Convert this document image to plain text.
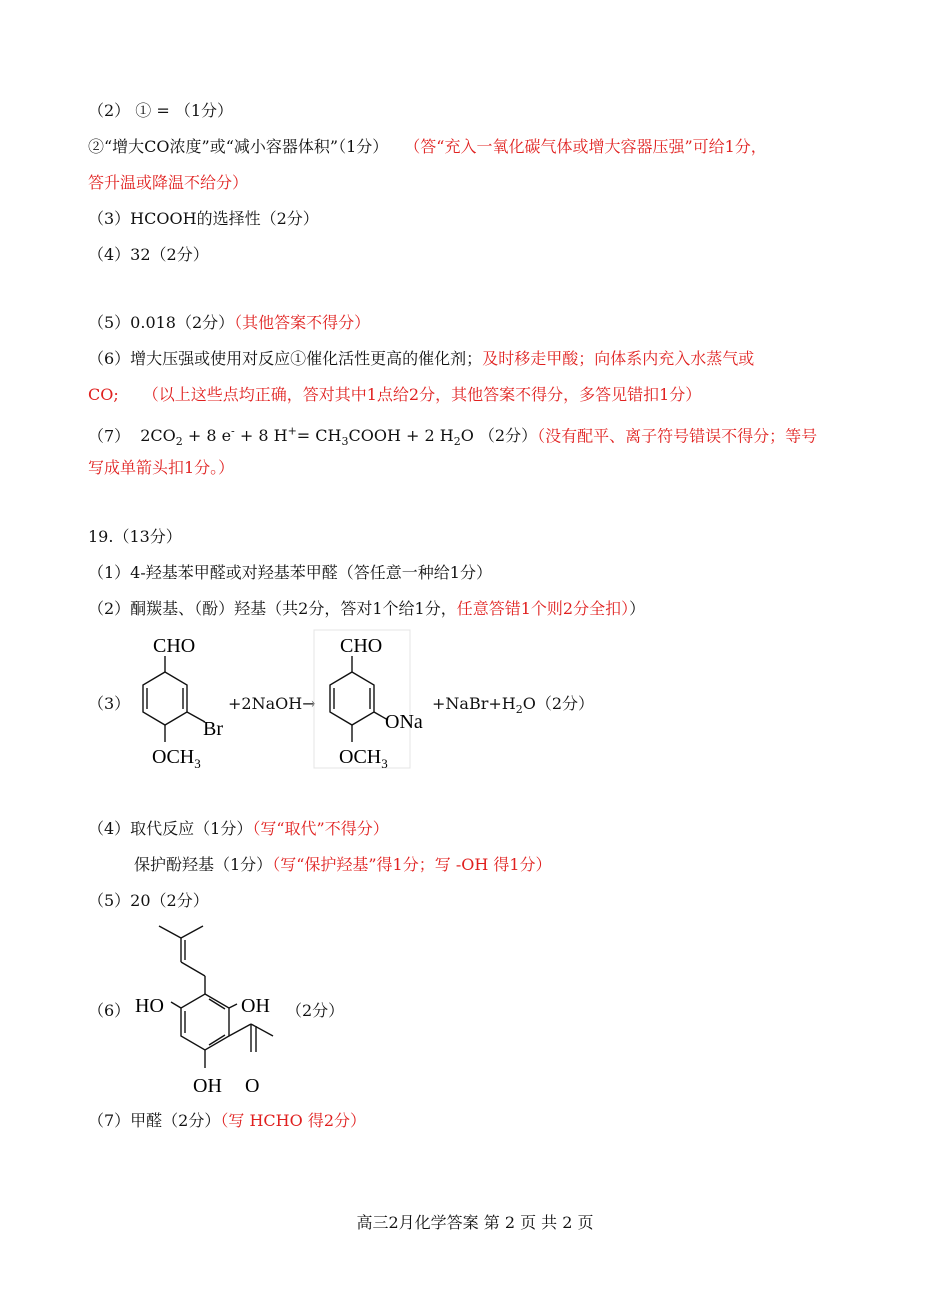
（2） ① = （1分）
②“增大CO浓度”或“减小容器体积”（1分） （答“充入一氧化碳气体或增大容器压强”可给1分，
答升温或降温不给分）
（3）HCOOH的选择性（2分）
（4）32（2分）
（5）0.018（2分）（其他答案不得分）
（6）增大压强或使用对反应①催化活性更高的催化剂；及时移走甲酸；向体系内充入水蒸气或
CO; （以上这些点均正确，答对其中1点给2分，其他答案不得分，多答见错扣1分）
（7） $2CO_2 + 8$ e- + 8 $H^+= CH_3COOH + 2$ $H_2O$ （2分）（没有配平、离子符号错误不得分；等号
写成单箭头扣1分。）
19.（13分）
（1）4-羟基苯甲醛或对羟基苯甲醛（答任意一种给1分）
（2）酮羰基、（酚）羟基（共2分，答对1个给1分，任意答错1个则2分全扣））
（3）
CHO
Br
$OCH_3$
+2NaOH→
CHO
ONa
$OCH_3$
$+NaBr+H_2O(2$分）
（4）取代反应（1分）（写“取代”不得分）
保护酚羟基（1分）（写“保护羟基”得1分；写 -OH 得1分）
（5）20（2分）
（6） HO	OH
OH O
（2分）
（7）甲醛（2分）（写 HCHO 得2分）
高三2月化学答案 第 2 页 共 2 页
